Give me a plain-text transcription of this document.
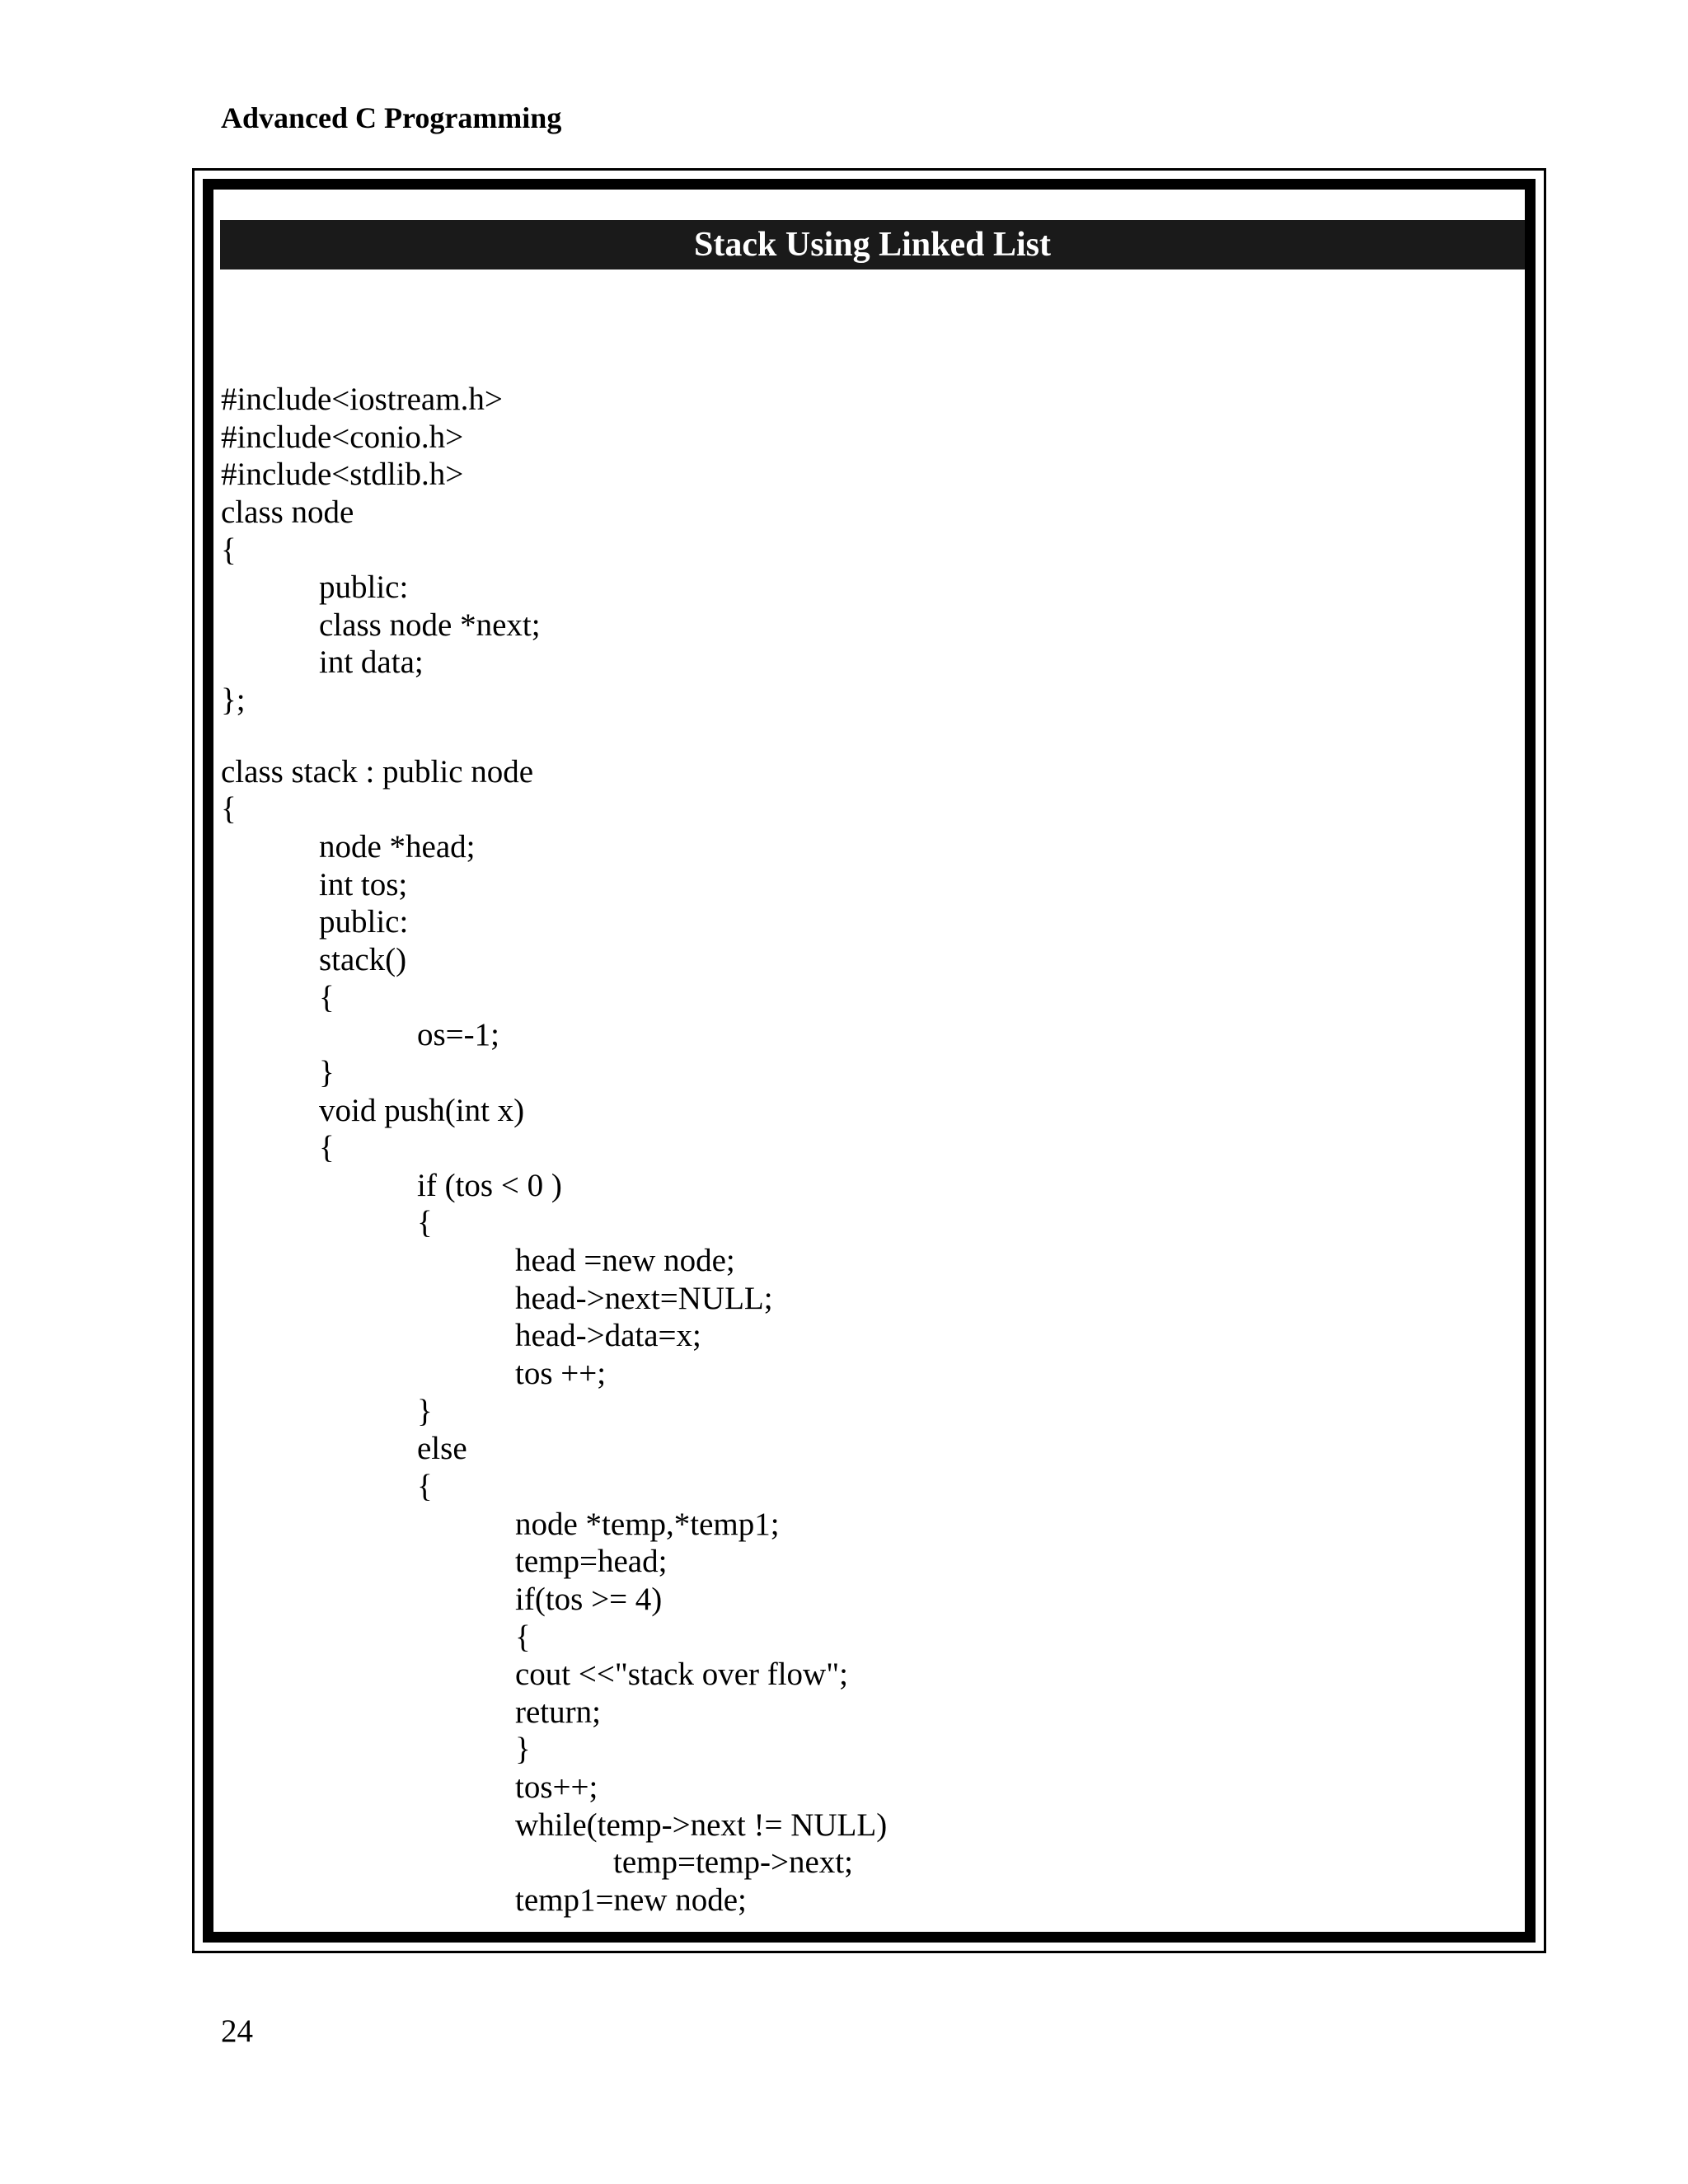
Advanced C Programming
Stack Using Linked List
#include<iostream.h>
#include<conio.h>
#include<stdlib.h>
class node
{
public:
class node *next;
int data;
};
class stack : public node
{
node *head;
int tos;
public:
stack()
{
os=-1;
}
void push(int x)
{
if (tos < 0 )
{
head =new node;
head->next=NULL;
head->data=x;
tos ++;
}
else
{
node *temp,*temp1;
temp=head;
if(tos >= 4)
{
cout <<"stack over flow";
return;
}
tos++;
while(temp->next != NULL)
temp=temp->next;
temp1=new node;
24
